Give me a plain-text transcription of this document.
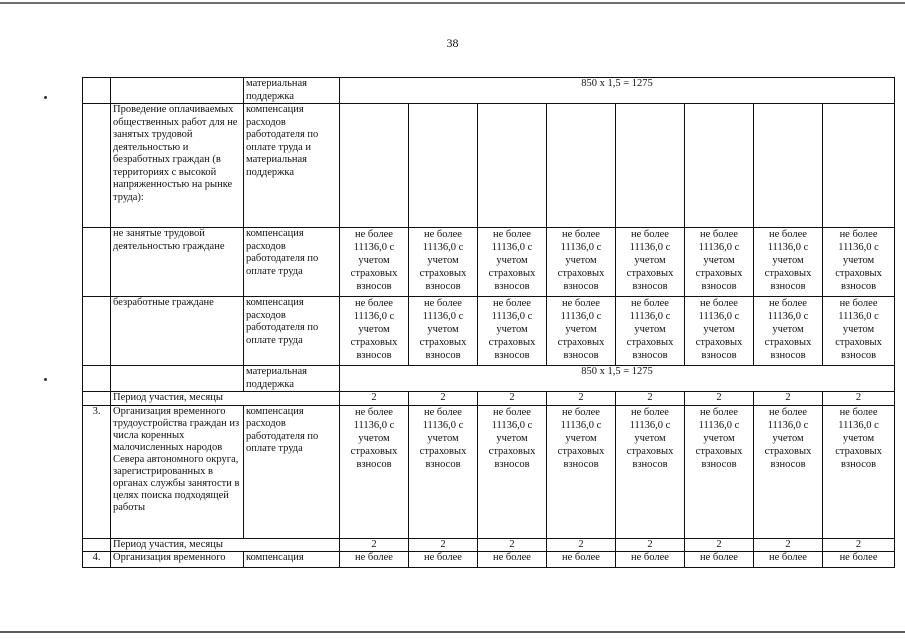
38
		материальная поддержка	850 х 1,5 = 1275							
	Проведение оплачиваемых общественных работ для не занятых трудовой деятельностью и безработных граждан (в территориях с высокой напряженностью на рынке труда):	компенсация расходов работодателя по оплате труда и материальная поддержка								
	не занятые трудовой деятельностью граждане	компенсация расходов работодателя по оплате труда	не более 11136,0 с учетом страховых взносов	не более 11136,0 с учетом страховых взносов	не более 11136,0 с учетом страховых взносов	не более 11136,0 с учетом страховых взносов	не более 11136,0 с учетом страховых взносов	не более 11136,0 с учетом страховых взносов	не более 11136,0 с учетом страховых взносов	не более 11136,0 с учетом страховых взносов
	безработные граждане	компенсация расходов работодателя по оплате труда	не более 11136,0 с учетом страховых взносов	не более 11136,0 с учетом страховых взносов	не более 11136,0 с учетом страховых взносов	не более 11136,0 с учетом страховых взносов	не более 11136,0 с учетом страховых взносов	не более 11136,0 с учетом страховых взносов	не более 11136,0 с учетом страховых взносов	не более 11136,0 с учетом страховых взносов
		материальная поддержка	850 х 1,5 = 1275							
	Период участия, месяцы		2	2	2	2	2	2	2	2
3.	Организация временного трудоустройства граждан из числа коренных малочисленных народов Севера автономного округа, зарегистрированных в органах службы занятости в целях поиска подходящей работы	компенсация расходов работодателя по оплате труда	не более 11136,0 с учетом страховых взносов	не более 11136,0 с учетом страховых взносов	не более 11136,0 с учетом страховых взносов	не более 11136,0 с учетом страховых взносов	не более 11136,0 с учетом страховых взносов	не более 11136,0 с учетом страховых взносов	не более 11136,0 с учетом страховых взносов	не более 11136,0 с учетом страховых взносов
	Период участия, месяцы		2	2	2	2	2	2	2	2
4.	Организация временного	компенсация	не более	не более	не более	не более	не более	не более	не более	не более
